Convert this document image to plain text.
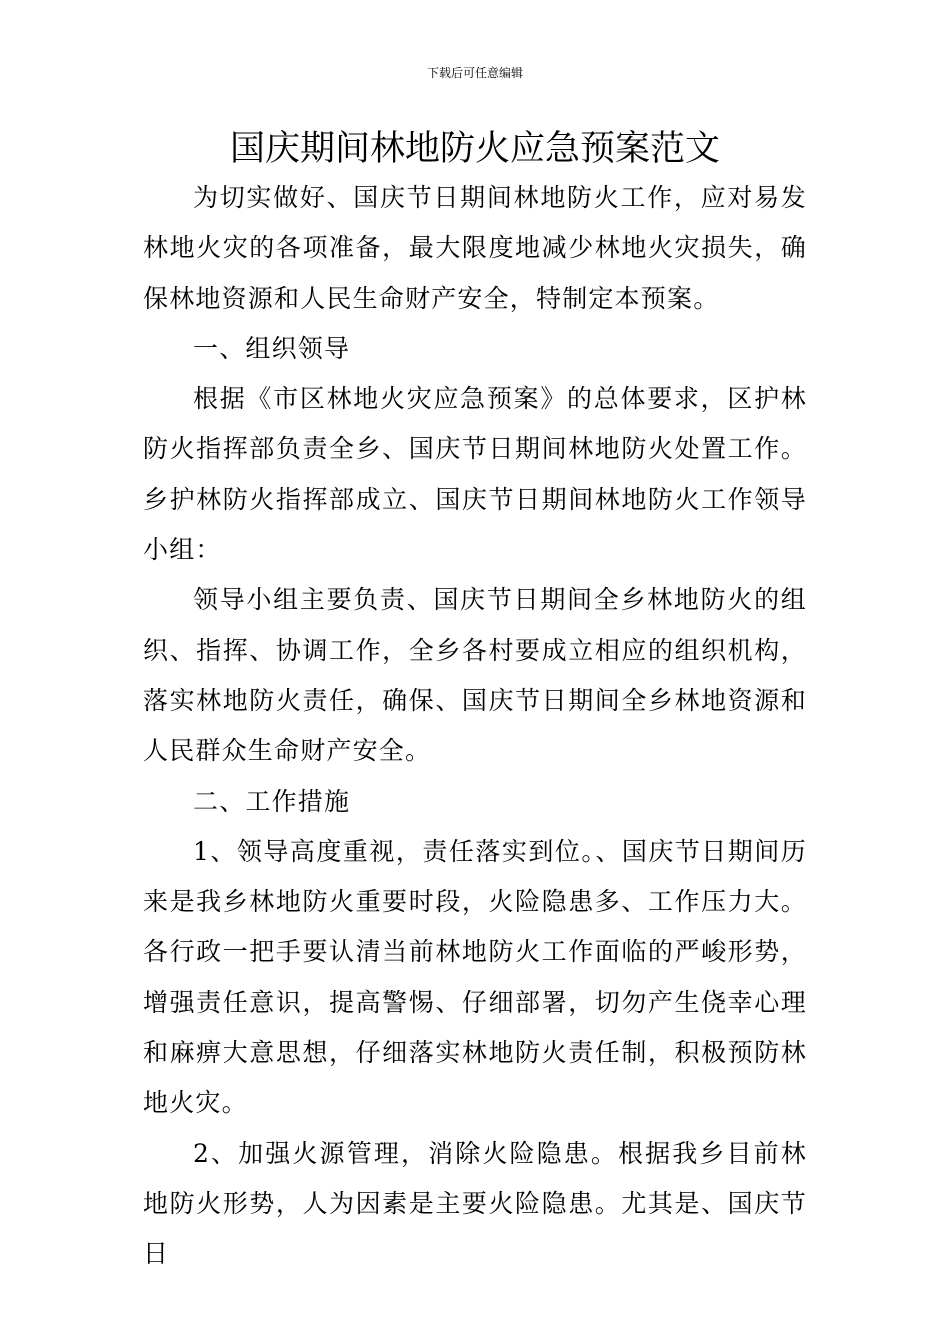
下载后可任意编辑
国庆期间林地防火应急预案范文

为切实做好、国庆节日期间林地防火工作，应对易发林地火灾的各项准备，最大限度地减少林地火灾损失，确保林地资源和人民生命财产安全，特制定本预案。

一、组织领导

根据《市区林地火灾应急预案》的总体要求，区护林防火指挥部负责全乡、国庆节日期间林地防火处置工作。乡护林防火指挥部成立、国庆节日期间林地防火工作领导小组：

领导小组主要负责、国庆节日期间全乡林地防火的组织、指挥、协调工作，全乡各村要成立相应的组织机构，落实林地防火责任，确保、国庆节日期间全乡林地资源和人民群众生命财产安全。

二、工作措施

1、领导高度重视，责任落实到位。、国庆节日期间历来是我乡林地防火重要时段，火险隐患多、工作压力大。各行政一把手要认清当前林地防火工作面临的严峻形势，增强责任意识，提高警惕、仔细部署，切勿产生侥幸心理和麻痹大意思想，仔细落实林地防火责任制，积极预防林地火灾。

2、加强火源管理，消除火险隐患。根据我乡目前林地防火形势，人为因素是主要火险隐患。尤其是、国庆节日
